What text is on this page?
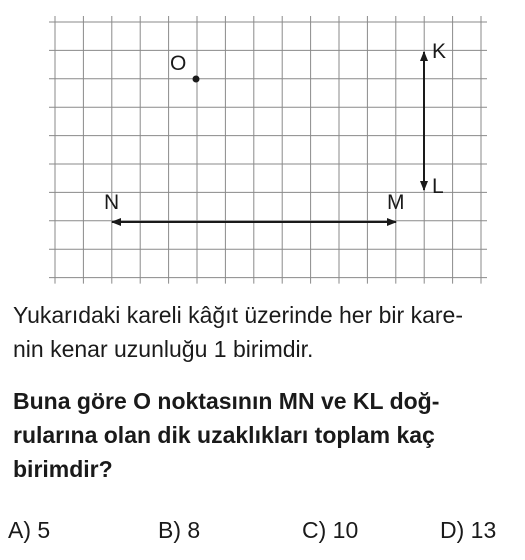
O
K
L
M
N

Yukarıdaki kareli kâğıt üzerinde her bir kare-

nin kenar uzunluğu 1 birimdir.

Buna göre O noktasının MN ve KL doğ-

rularına olan dik uzaklıkları toplam kaç

birimdir?

A) 5	B) 8	C) 10	D) 13
